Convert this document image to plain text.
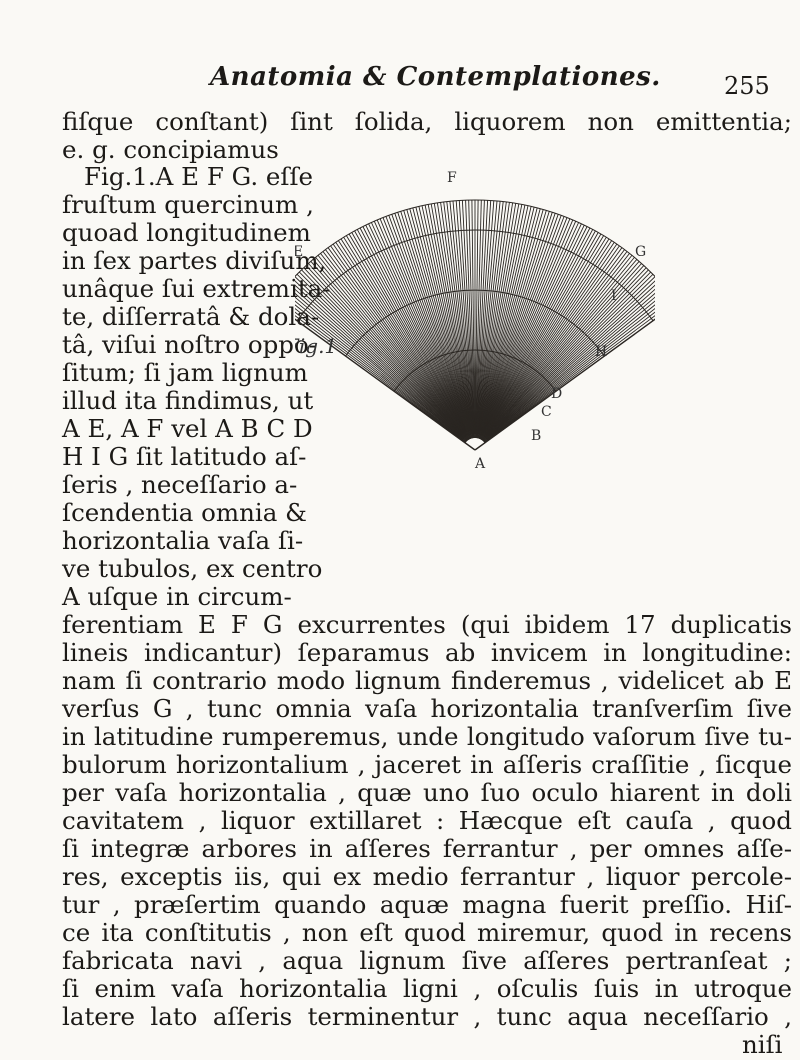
Anatomia & Contemplationes.	255
fiſque conſtant) ſint ſolida, liquorem non emittentia;
e. g. concipiamus
Fig.1.A E F G. eſſe
fruſtum quercinum ,
quoad longitudinem
in ſex partes diviſum,
unâque ſui extremita-
te, diſſerratâ & dola-
tâ, viſui noſtro oppo-
ſitum; ſi jam lignum
illud ita findimus, ut
A E, A F vel A B C D
H I G ſit latitudo aſ-
ſeris , neceſſario a-
ſcendentia omnia &
horizontalia vaſa ſi-
ve tubulos, ex centro
A uſque in circum-
F
E	G
I
H
D
C
B
A
ig.1
ferentiam E F G excurrentes (qui ibidem 17 duplicatis
lineis indicantur) ſeparamus ab invicem in longitudine:
nam ſi contrario modo lignum finderemus , videlicet ab E
verſus G , tunc omnia vaſa horizontalia tranſverſim ſive
in latitudine rumperemus, unde longitudo vaſorum ſive tu-
bulorum horizontalium , jaceret in aſſeris craſſitie , ſicque
per vaſa horizontalia , quæ uno ſuo oculo hiarent in doli
cavitatem , liquor extillaret : Hæcque eſt cauſa , quod
ſi integræ arbores in aſſeres ferrantur , per omnes aſſe-
res, exceptis iis, qui ex medio ferrantur , liquor percole-
tur , præſertim quando aquæ magna fuerit preſſio. Hiſ-
ce ita conſtitutis , non eſt quod miremur, quod in recens
fabricata navi , aqua lignum ſive aſſeres pertranſeat ;
ſi enim vaſa horizontalia ligni , oſculis ſuis in utroque
latere lato aſſeris terminentur , tunc aqua neceſſario ,
niſi
